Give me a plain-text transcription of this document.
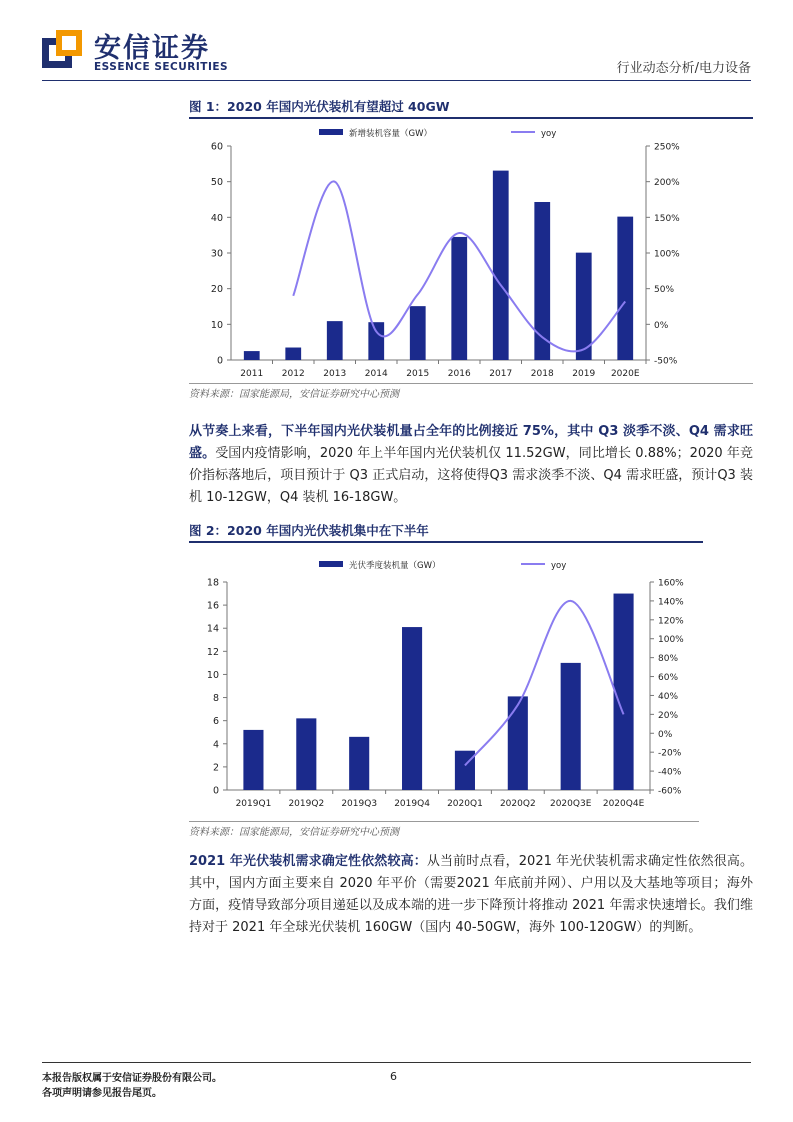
安信证券
ESSENCE SECURITIES	行业动态分析/电力设备
图 1：2020 年国内光伏装机有望超过 40GW
0
10
20
30
40
50
60
-50%
0%
50%
100%
150%
200%
250%
2011 2012 2013 2014 2015 2016 2017 2018 2019 2020E
新增装机容量（GW）	yoy
资料来源：国家能源局，安信证券研究中心预测
从节奏上来看，下半年国内光伏装机量占全年的比例接近 75%，其中 Q3 淡季不淡、Q4 需求旺盛。受国内疫情影响，2020 年上半年国内光伏装机仅 11.52GW，同比增长 0.88%；2020 年竞价指标落地后，项目预计于 Q3 正式启动，这将使得Q3 需求淡季不淡、Q4 需求旺盛，预计Q3 装机 10-12GW，Q4 装机 16-18GW。
图 2：2020 年国内光伏装机集中在下半年
0
2
4
6
8
10
12
14
16
18
-60%
-40%
-20%
0%
20%
40%
60%
80%
100%
120%
140%
160%
2019Q1 2019Q2 2019Q3 2019Q4 2020Q1 2020Q2 2020Q3E 2020Q4E
光伏季度装机量（GW）	yoy
资料来源：国家能源局，安信证券研究中心预测
2021 年光伏装机需求确定性依然较高：从当前时点看，2021 年光伏装机需求确定性依然很高。其中，国内方面主要来自 2020 年平价（需要2021 年底前并网）、户用以及大基地等项目；海外方面，疫情导致部分项目递延以及成本端的进一步下降预计将推动 2021 年需求快速增长。我们维持对于 2021 年全球光伏装机 160GW（国内 40-50GW，海外 100-120GW）的判断。
本报告版权属于安信证券股份有限公司。
各项声明请参见报告尾页。
6
